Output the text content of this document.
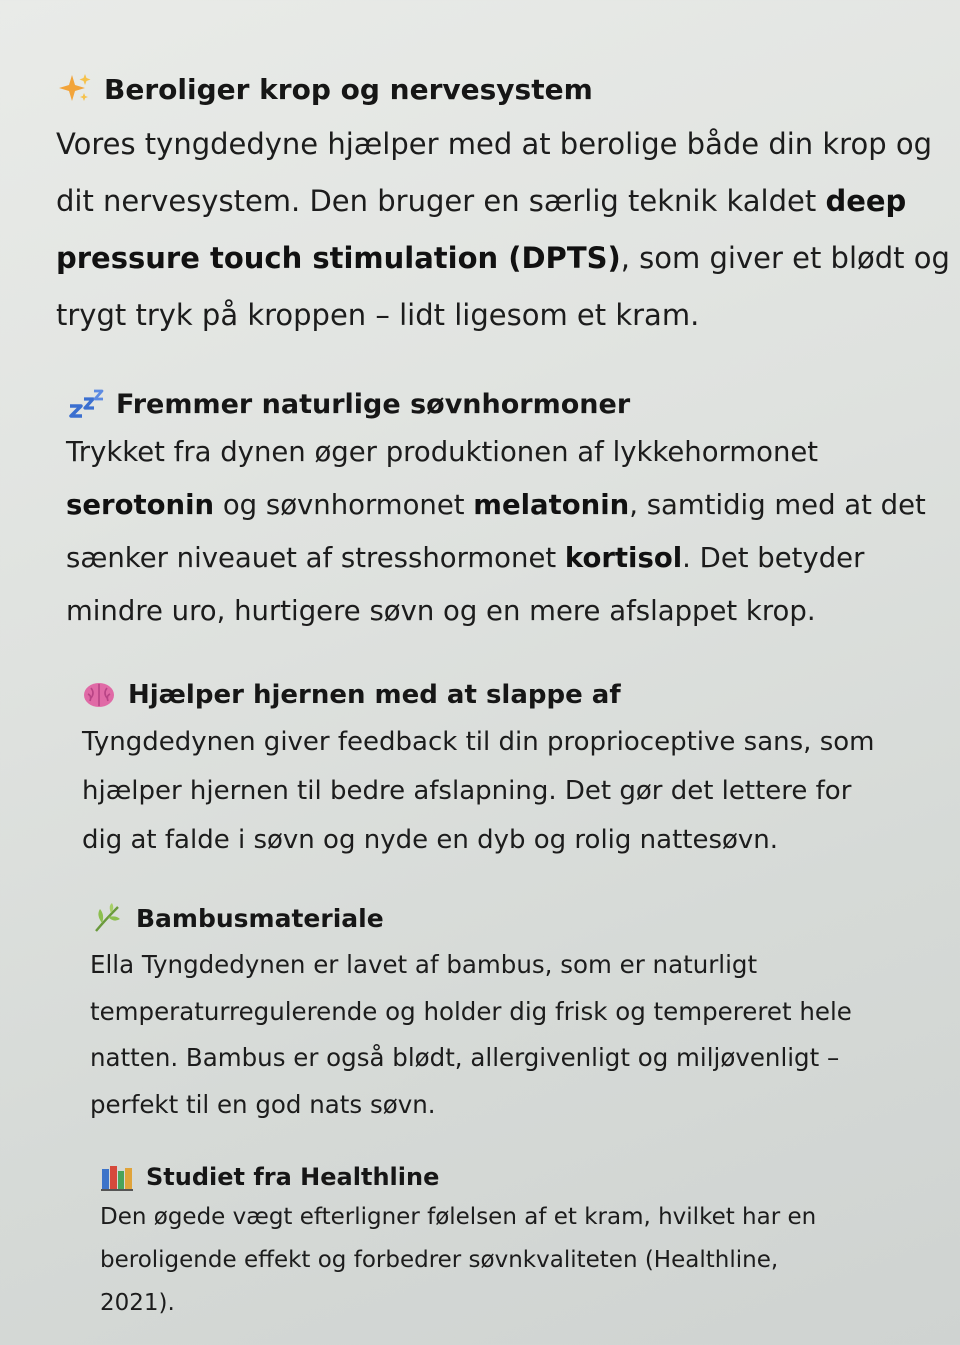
Beroliger krop og nervesystem
Vores tyngdedyne hjælper med at berolige både din krop og
dit nervesystem. Den bruger en særlig teknik kaldet deep
pressure touch stimulation (DPTS), som giver et blødt og
trygt tryk på kroppen – lidt ligesom et kram.
Fremmer naturlige søvnhormoner
Trykket fra dynen øger produktionen af lykkehormonet
serotonin og søvnhormonet melatonin, samtidig med at det
sænker niveauet af stresshormonet kortisol. Det betyder
mindre uro, hurtigere søvn og en mere afslappet krop.
Hjælper hjernen med at slappe af
Tyngdedynen giver feedback til din proprioceptive sans, som
hjælper hjernen til bedre afslapning. Det gør det lettere for
dig at falde i søvn og nyde en dyb og rolig nattesøvn.
Bambusmateriale
Ella Tyngdedynen er lavet af bambus, som er naturligt
temperaturregulerende og holder dig frisk og tempereret hele
natten. Bambus er også blødt, allergivenligt og miljøvenligt –
perfekt til en god nats søvn.
Studiet fra Healthline
Den øgede vægt efterligner følelsen af et kram, hvilket har en
beroligende effekt og forbedrer søvnkvaliteten (Healthline,
2021).
